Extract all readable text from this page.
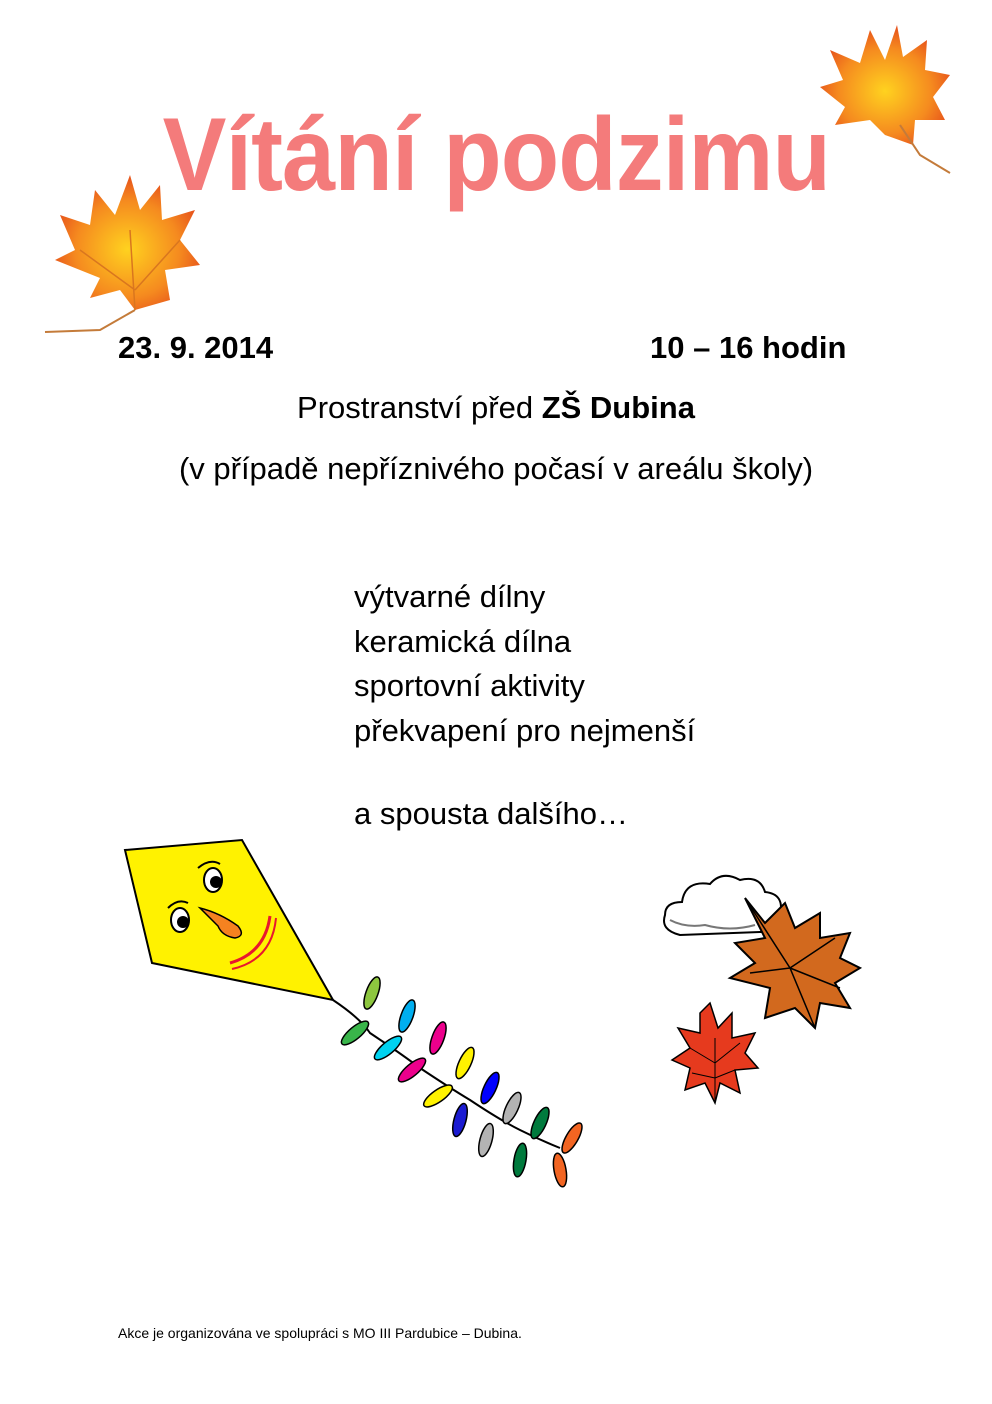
Vítání podzimu
23. 9. 2014	10 – 16 hodin
Prostranství před ZŠ Dubina
(v případě nepříznivého počasí v areálu školy)
výtvarné dílny
keramická dílna
sportovní aktivity
překvapení pro nejmenší
a spousta dalšího…
Akce je organizována ve spolupráci s MO III Pardubice – Dubina.
